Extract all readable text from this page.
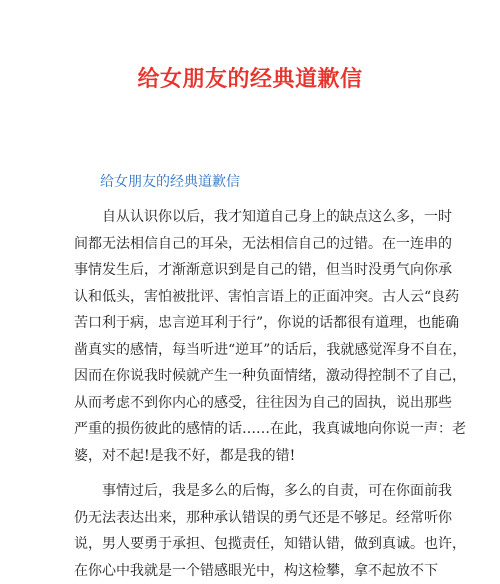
给女朋友的经典道歉信
给女朋友的经典道歉信
　　自从认识你以后，我才知道自己身上的缺点这么多，一时
间都无法相信自己的耳朵，无法相信自己的过错。在一连串的
事情发生后，才渐渐意识到是自己的错，但当时没勇气向你承
认和低头，害怕被批评、害怕言语上的正面冲突。古人云“良药
苦口利于病，忠言逆耳利于行”，你说的话都很有道理，也能确
凿真实的感情，每当听进“逆耳”的话后，我就感觉浑身不自在，
因而在你说我时候就产生一种负面情绪，激动得控制不了自己，
从而考虑不到你内心的感受，往往因为自己的固执，说出那些
严重的损伤彼此的感情的话……在此，我真诚地向你说一声：老
婆，对不起!是我不好，都是我的错!
　　事情过后，我是多么的后悔，多么的自责，可在你面前我
仍无法表达出来，那种承认错误的勇气还是不够足。经常听你
说，男人要勇于承担、包揽责任，知错认错，做到真诚。也许，
在你心中我就是一个错感眼光中，构这检攀，拿不起放不下
